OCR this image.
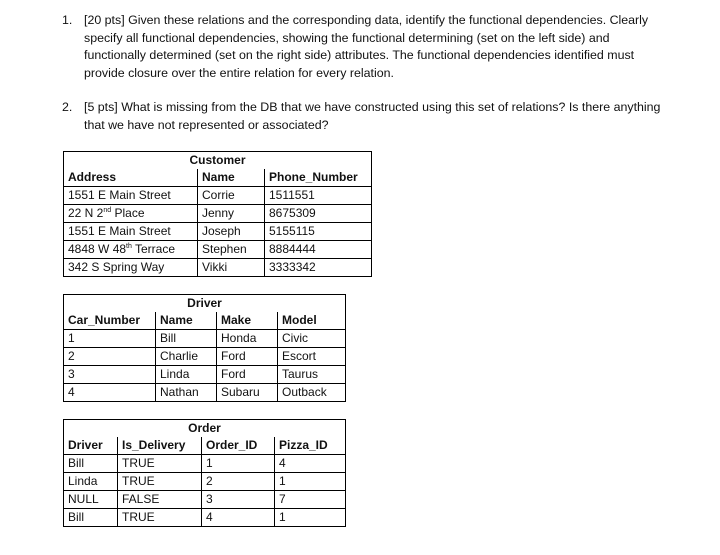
1. [20 pts] Given these relations and the corresponding data, identify the functional dependencies. Clearly specify all functional dependencies, showing the functional determining (set on the left side) and functionally determined (set on the right side) attributes. The functional dependencies identified must provide closure over the entire relation for every relation.
2. [5 pts] What is missing from the DB that we have constructed using this set of relations? Is there anything that we have not represented or associated?
Customer		
Address	Name	Phone_Number
1551 E Main Street	Corrie	1511551
22 N 2nd Place	Jenny	8675309
1551 E Main Street	Joseph	5155115
4848 W 48th Terrace	Stephen	8884444
342 S Spring Way	Vikki	3333342
Driver			
Car_Number	Name	Make	Model
1	Bill	Honda	Civic
2	Charlie	Ford	Escort
3	Linda	Ford	Taurus
4	Nathan	Subaru	Outback
Order			
Driver	Is_Delivery	Order_ID	Pizza_ID
Bill	TRUE	1	4
Linda	TRUE	2	1
NULL	FALSE	3	7
Bill	TRUE	4	1
